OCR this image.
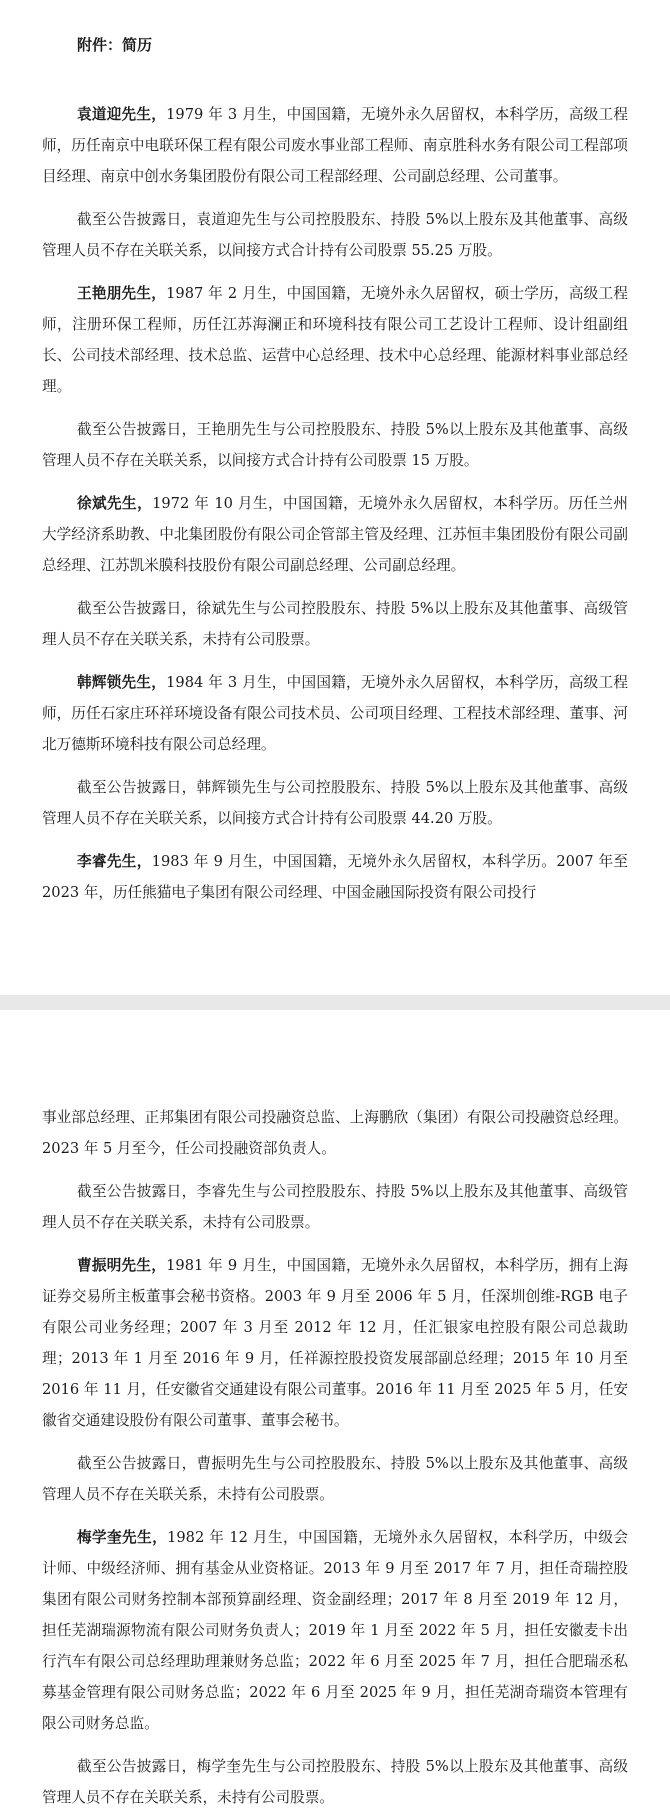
附件：简历

袁道迎先生，1979 年 3 月生，中国国籍，无境外永久居留权，本科学历，高级工程师，历任南京中电联环保工程有限公司废水事业部工程师、南京胜科水务有限公司工程部项目经理、南京中创水务集团股份有限公司工程部经理、公司副总经理、公司董事。

截至公告披露日，袁道迎先生与公司控股股东、持股 5%以上股东及其他董事、高级管理人员不存在关联关系，以间接方式合计持有公司股票 55.25 万股。

王艳朋先生，1987 年 2 月生，中国国籍，无境外永久居留权，硕士学历，高级工程师，注册环保工程师，历任江苏海澜正和环境科技有限公司工艺设计工程师、设计组副组长、公司技术部经理、技术总监、运营中心总经理、技术中心总经理、能源材料事业部总经理。

截至公告披露日，王艳朋先生与公司控股股东、持股 5%以上股东及其他董事、高级管理人员不存在关联关系，以间接方式合计持有公司股票 15 万股。

徐斌先生，1972 年 10 月生，中国国籍，无境外永久居留权，本科学历。历任兰州大学经济系助教、中北集团股份有限公司企管部主管及经理、江苏恒丰集团股份有限公司副总经理、江苏凯米膜科技股份有限公司副总经理、公司副总经理。

截至公告披露日，徐斌先生与公司控股股东、持股 5%以上股东及其他董事、高级管理人员不存在关联关系，未持有公司股票。

韩辉锁先生，1984 年 3 月生，中国国籍，无境外永久居留权，本科学历，高级工程师，历任石家庄环祥环境设备有限公司技术员、公司项目经理、工程技术部经理、董事、河北万德斯环境科技有限公司总经理。

截至公告披露日，韩辉锁先生与公司控股股东、持股 5%以上股东及其他董事、高级管理人员不存在关联关系，以间接方式合计持有公司股票 44.20 万股。

李睿先生，1983 年 9 月生，中国国籍，无境外永久居留权，本科学历。2007 年至 2023 年，历任熊猫电子集团有限公司经理、中国金融国际投资有限公司投行

事业部总经理、正邦集团有限公司投融资总监、上海鹏欣（集团）有限公司投融资总经理。2023 年 5 月至今，任公司投融资部负责人。

截至公告披露日，李睿先生与公司控股股东、持股 5%以上股东及其他董事、高级管理人员不存在关联关系，未持有公司股票。

曹振明先生，1981 年 9 月生，中国国籍，无境外永久居留权，本科学历，拥有上海证券交易所主板董事会秘书资格。2003 年 9 月至 2006 年 5 月，任深圳创维-RGB 电子有限公司业务经理；2007 年 3 月至 2012 年 12 月，任汇银家电控股有限公司总裁助理；2013 年 1 月至 2016 年 9 月，任祥源控股投资发展部副总经理；2015 年 10 月至 2016 年 11 月，任安徽省交通建设有限公司董事。2016 年 11 月至 2025 年 5 月，任安徽省交通建设股份有限公司董事、董事会秘书。

截至公告披露日，曹振明先生与公司控股股东、持股 5%以上股东及其他董事、高级管理人员不存在关联关系，未持有公司股票。

梅学奎先生，1982 年 12 月生，中国国籍，无境外永久居留权，本科学历，中级会计师、中级经济师、拥有基金从业资格证。2013 年 9 月至 2017 年 7 月，担任奇瑞控股集团有限公司财务控制本部预算副经理、资金副经理；2017 年 8 月至 2019 年 12 月，担任芜湖瑞源物流有限公司财务负责人；2019 年 1 月至 2022 年 5 月，担任安徽麦卡出行汽车有限公司总经理助理兼财务总监；2022 年 6 月至 2025 年 7 月，担任合肥瑞丞私募基金管理有限公司财务总监；2022 年 6 月至 2025 年 9 月，担任芜湖奇瑞资本管理有限公司财务总监。

截至公告披露日，梅学奎先生与公司控股股东、持股 5%以上股东及其他董事、高级管理人员不存在关联关系，未持有公司股票。
